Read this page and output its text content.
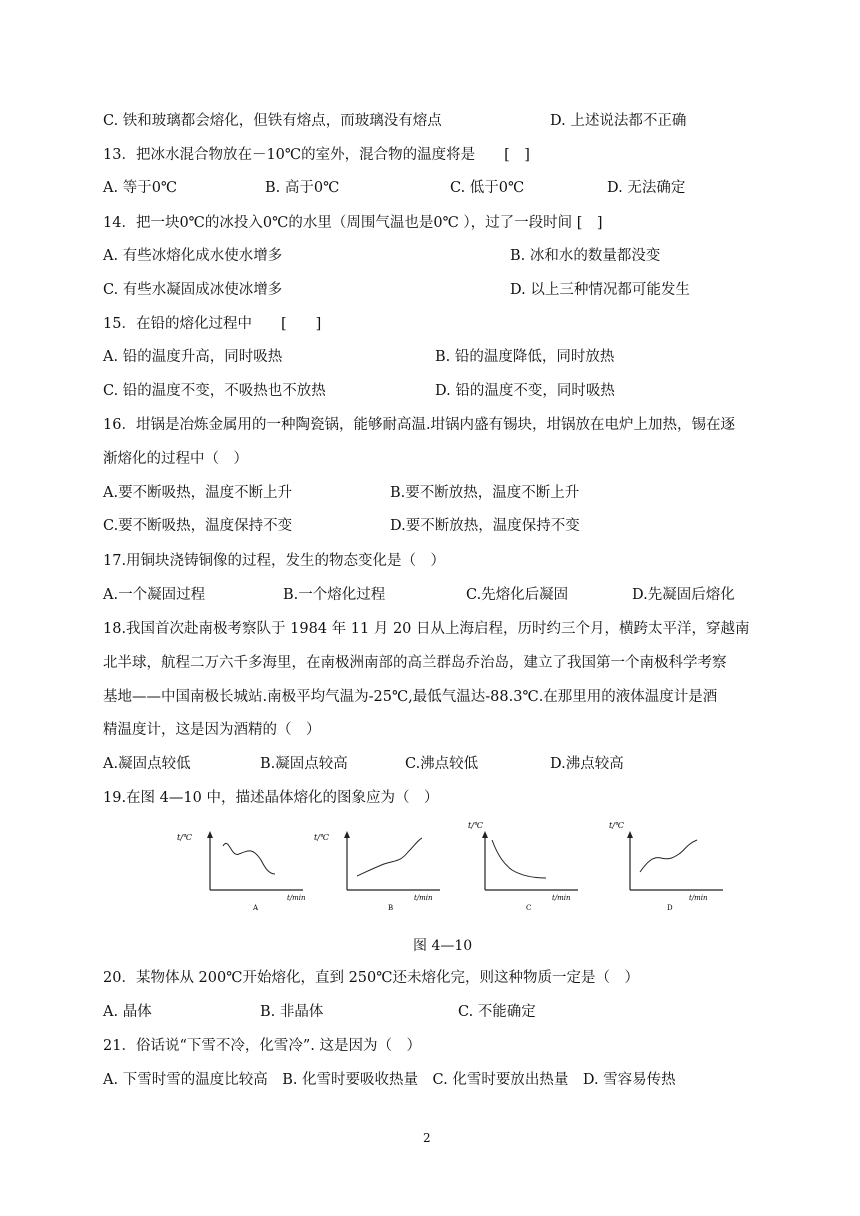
C. 铁和玻璃都会熔化，但铁有熔点，而玻璃没有熔点	D. 上述说法都不正确
13．把冰水混合物放在－10℃的室外，混合物的温度将是　　[　]
A. 等于0℃	B. 高于0℃	C. 低于0℃	D. 无法确定
14．把一块0℃的冰投入0℃的水里（周围气温也是0℃ ），过了一段时间 [　]
A. 有些冰熔化成水使水增多	B. 冰和水的数量都没变
C. 有些水凝固成冰使冰增多	D. 以上三种情况都可能发生
15．在铅的熔化过程中　　[　　]
A. 铅的温度升高，同时吸热	B. 铅的温度降低，同时放热
C. 铅的温度不变，不吸热也不放热	D. 铅的温度不变，同时吸热
16．坩锅是冶炼金属用的一种陶瓷锅，能够耐高温.坩锅内盛有锡块，坩锅放在电炉上加热，锡在逐
渐熔化的过程中（　）
A.要不断吸热，温度不断上升	B.要不断放热，温度不断上升
C.要不断吸热，温度保持不变	D.要不断放热，温度保持不变
17.用铜块浇铸铜像的过程，发生的物态变化是（　）
A.一个凝固过程	B.一个熔化过程	C.先熔化后凝固	D.先凝固后熔化
18.我国首次赴南极考察队于 1984 年 11 月 20 日从上海启程，历时约三个月，横跨太平洋，穿越南
北半球，航程二万六千多海里，在南极洲南部的高兰群岛乔治岛，建立了我国第一个南极科学考察
基地——中国南极长城站.南极平均气温为-25℃,最低气温达-88.3℃.在那里用的液体温度计是酒
精温度计，这是因为酒精的（　）
A.凝固点较低	B.凝固点较高	C.沸点较低	D.沸点较高
19.在图 4—10 中，描述晶体熔化的图象应为（　）
t/℃
t/min
A
t/℃
t/min
B
t/℃
t/min
C
t/℃
t/min
D
图 4—10
20．某物体从 200℃开始熔化，直到 250℃还未熔化完，则这种物质一定是（　）
A. 晶体	B. 非晶体	C. 不能确定
21．俗话说“下雪不冷，化雪冷”. 这是因为（　）
A. 下雪时雪的温度比较高　B. 化雪时要吸收热量　C. 化雪时要放出热量　D. 雪容易传热
2
